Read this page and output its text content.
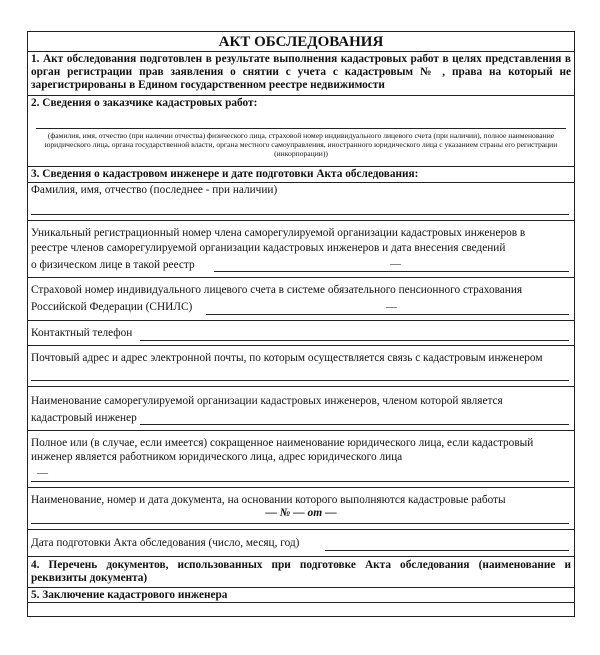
АКТ ОБСЛЕДОВАНИЯ
1. Акт обследования подготовлен в результате выполнения кадастровых работ в целях представления в орган регистрации прав заявления о снятии с учета с кадастровым № , права на который не зарегистрированы в Едином государственном реестре недвижимости
2. Сведения о заказчике кадастровых работ:
(фамилия, имя, отчество (при наличии отчества) физического лица, страховой номер индивидуального лицевого счета (при наличии), полное наименование юридического лица, органа государственной власти, органа местного самоуправления, иностранного юридического лица с указанием страны его регистрации (инкорпорации))
3. Сведения о кадастровом инженере и дате подготовки Акта обследования:
Фамилия, имя, отчество (последнее - при наличии)
Уникальный регистрационный номер члена саморегулируемой организации кадастровых инженеров в
реестре членов саморегулируемой организации кадастровых инженеров и дата внесения сведений
о физическом лице в такой реестр	—
Страховой номер индивидуального лицевого счета в системе обязательного пенсионного страхования
Российской Федерации (СНИЛС)	—
Контактный телефон
Почтовый адрес и адрес электронной почты, по которым осуществляется связь с кадастровым инженером
Наименование саморегулируемой организации кадастровых инженеров, членом которой является
кадастровый инженер
Полное или (в случае, если имеется) сокращенное наименование юридического лица, если кадастровый
инженер является работником юридического лица, адрес юридического лица
—
Наименование, номер и дата документа, на основании которого выполняются кадастровые работы
— № — от —
Дата подготовки Акта обследования (число, месяц, год)
4. Перечень документов, использованных при подготовке Акта обследования (наименование и реквизиты документа)
5. Заключение кадастрового инженера
